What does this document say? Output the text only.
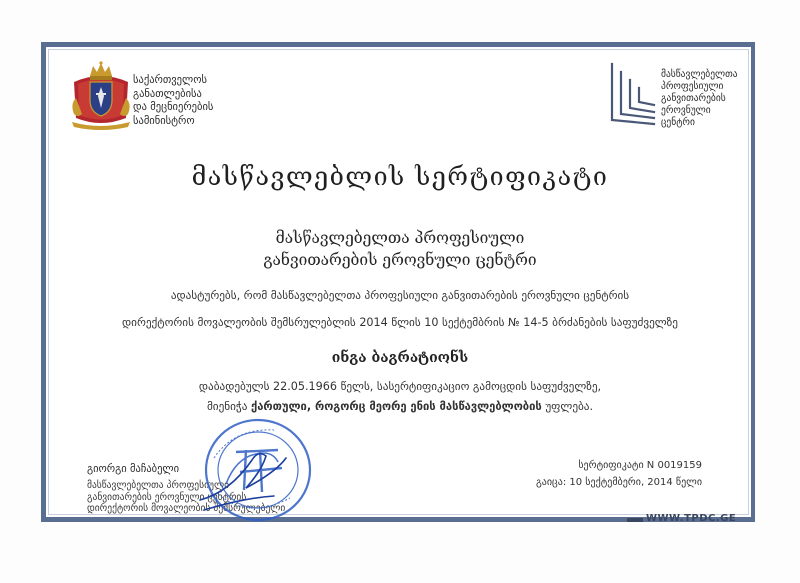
საქართველოს
განათლებისა
და მეცნიერების
სამინისტრო
მასწავლებელთა
პროფესიული
განვითარების
ეროვნული
ცენტრი
მასწავლებლის სერტიფიკატი
მასწავლებელთა პროფესიული
განვითარების ეროვნული ცენტრი
ადასტურებს, რომ მასწავლებელთა პროფესიული განვითარების ეროვნული ცენტრის
დირექტორის მოვალეობის შემსრულებლის 2014 წლის 10 სექტემბრის № 14-5 ბრძანების საფუძველზე
ინგა ბაგრატიონს
დაბადებულს 22.05.1966 წელს, სასერტიფიკაციო გამოცდის საფუძველზე,
მიენიჭა ქართული, როგორც მეორე ენის მასწავლებლობის უფლება.
გიორგი მაჩაბელი
მასწავლებელთა პროფესიული
განვითარების ეროვნული ცენტრის
დირექტორის მოვალეობის შემსრულებელი
სერტიფიკატი N 0019159
გაიცა: 10 სექტემბერი, 2014 წელი
WWW.TPDC.GE
